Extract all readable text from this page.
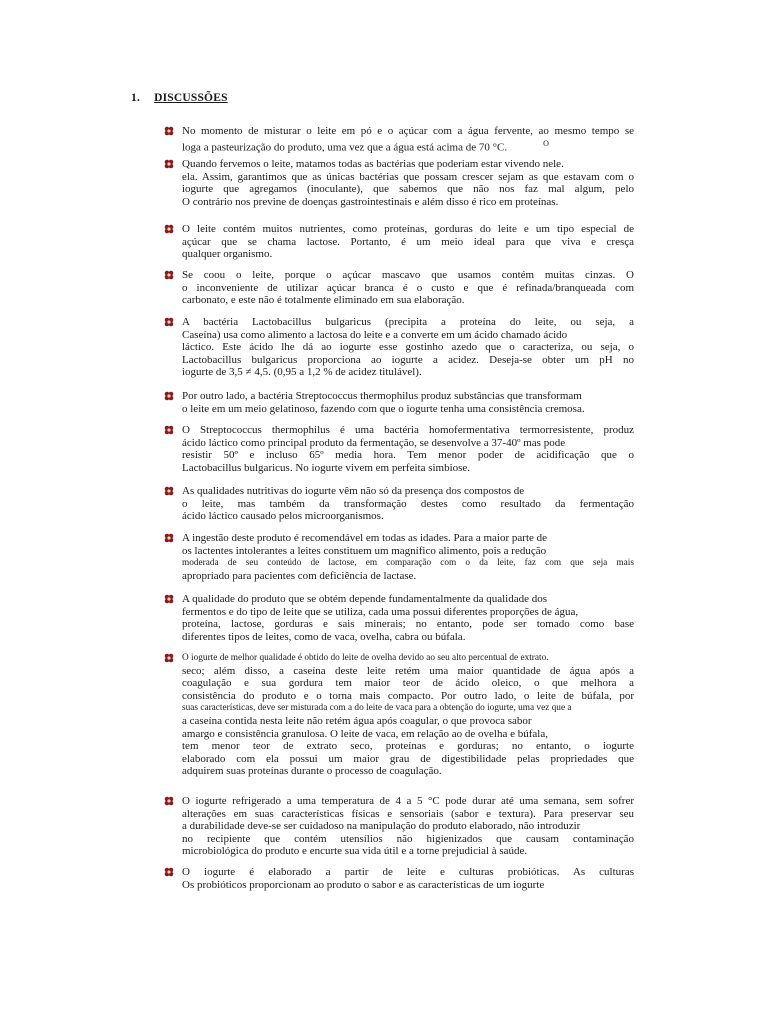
1. DISCUSSÕES
No momento de misturar o leite em pó e o açúcar com a água fervente, ao mesmo tempo se
loga a pasteurização do produto, uma vez que a água está acima de 70 °C.	O
Quando fervemos o leite, matamos todas as bactérias que poderiam estar vivendo nele.
ela. Assim, garantimos que as únicas bactérias que possam crescer sejam as que estavam com o
iogurte que agregamos (inoculante), que sabemos que não nos faz mal algum, pelo
O contrário nos previne de doenças gastrointestinais e além disso é rico em proteínas.
O leite contém muitos nutrientes, como proteínas, gorduras do leite e um tipo especial de
açúcar que se chama lactose. Portanto, é um meio ideal para que viva e cresça
qualquer organismo.
Se coou o leite, porque o açúcar mascavo que usamos contém muitas cinzas. O
o inconveniente de utilizar açúcar branca é o custo e que é refinada/branqueada com
carbonato, e este não é totalmente eliminado em sua elaboração.
A bactéria Lactobacillus bulgaricus (precipita a proteína do leite, ou seja, a
Caseína) usa como alimento a lactosa do leite e a converte em um ácido chamado ácido
láctico. Este ácido lhe dá ao iogurte esse gostinho azedo que o caracteriza, ou seja, o
Lactobacillus bulgaricus proporciona ao iogurte a acidez. Deseja-se obter um pH no
iogurte de 3,5 ≠ 4,5. (0,95 a 1,2 % de acidez titulável).
Por outro lado, a bactéria Streptococcus thermophilus produz substâncias que transformam
o leite em um meio gelatinoso, fazendo com que o iogurte tenha uma consistência cremosa.
O Streptococcus thermophilus é uma bactéria homofermentativa termorresistente, produz
ácido láctico como principal produto da fermentação, se desenvolve a 37-40º mas pode
resistir 50º e incluso 65º media hora. Tem menor poder de acidificação que o
Lactobacillus bulgaricus. No iogurte vivem em perfeita simbiose.
As qualidades nutritivas do iogurte vêm não só da presença dos compostos de
o leite, mas também da transformação destes como resultado da fermentação
ácido láctico causado pelos microorganismos.
A ingestão deste produto é recomendável em todas as idades. Para a maior parte de
os lactentes intolerantes a leites constituem um magnífico alimento, pois a redução
moderada de seu conteúdo de lactose, em comparação com o da leite, faz com que seja mais
apropriado para pacientes com deficiência de lactase.
A qualidade do produto que se obtém depende fundamentalmente da qualidade dos
fermentos e do tipo de leite que se utiliza, cada uma possui diferentes proporções de água,
proteína, lactose, gorduras e sais minerais; no entanto, pode ser tomado como base
diferentes tipos de leites, como de vaca, ovelha, cabra ou búfala.
O iogurte de melhor qualidade é obtido do leite de ovelha devido ao seu alto percentual de extrato.
seco; além disso, a caseína deste leite retém uma maior quantidade de água após a
coagulação e sua gordura tem maior teor de ácido oleico, o que melhora a
consistência do produto e o torna mais compacto. Por outro lado, o leite de búfala, por
suas características, deve ser misturada com a do leite de vaca para a obtenção do iogurte, uma vez que a
a caseína contida nesta leite não retém água após coagular, o que provoca sabor
amargo e consistência granulosa. O leite de vaca, em relação ao de ovelha e búfala,
tem menor teor de extrato seco, proteínas e gorduras; no entanto, o iogurte
elaborado com ela possui um maior grau de digestibilidade pelas propriedades que
adquirem suas proteínas durante o processo de coagulação.
O iogurte refrigerado a uma temperatura de 4 a 5 °C pode durar até uma semana, sem sofrer
alterações em suas características físicas e sensoriais (sabor e textura). Para preservar seu
a durabilidade deve-se ser cuidadoso na manipulação do produto elaborado, não introduzir
no recipiente que contém utensílios não higienizados que causam contaminação
microbiológica do produto e encurte sua vida útil e a torne prejudicial à saúde.
O iogurte é elaborado a partir de leite e culturas probióticas. As culturas
Os probióticos proporcionam ao produto o sabor e as características de um iogurte
